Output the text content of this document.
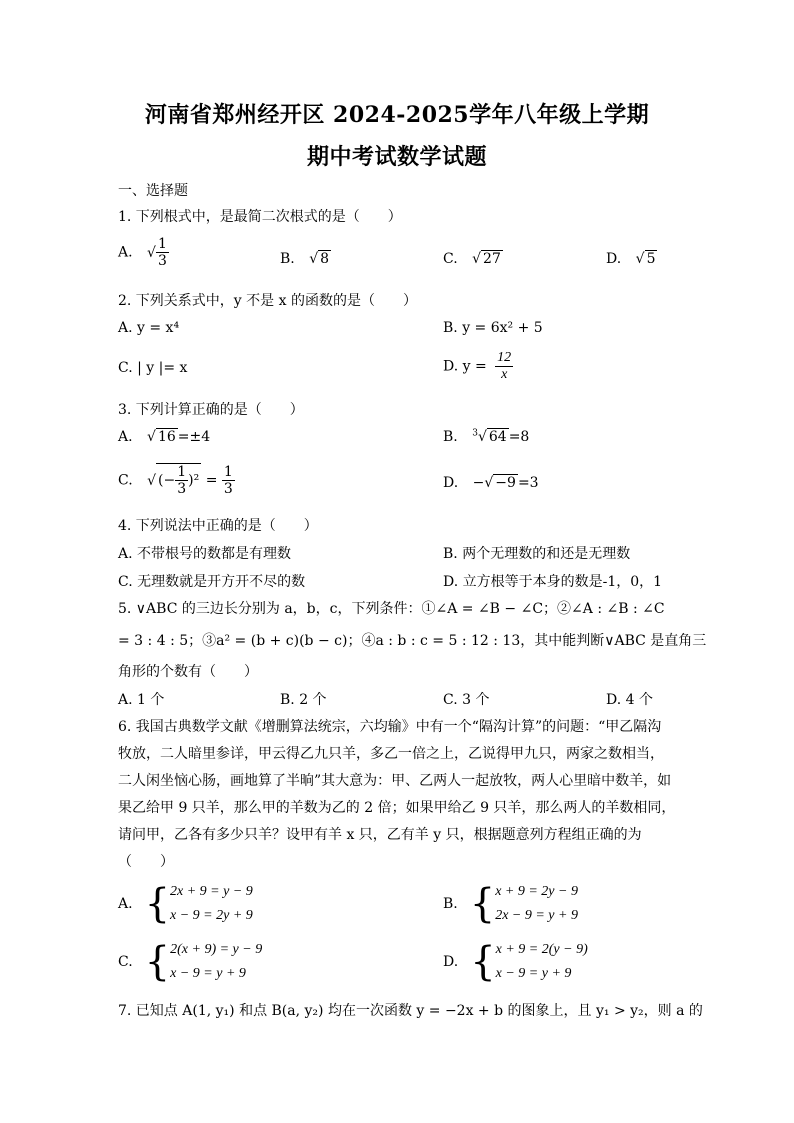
河南省郑州经开区 2024-2025学年八年级上学期
期中考试数学试题
一、选择题
1. 下列根式中，是最简二次根式的是（　　）
A. √ $\frac{1}{3}$	B. √ 8	C. √ 27	D. √ 5
2. 下列关系式中，y 不是 x 的函数的是（　　）
A. y = x⁴	B. y = 6x² + 5
C. | y |= x	D. $y = \frac{12}{x}$
3. 下列计算正确的是（　　）
A. √ 16 =±4	B. $^3$√ 64 =8
C. √ (− $\frac{1}{3} )^2 = \frac{1}{3}$	D. −√ −9 =3
4. 下列说法中正确的是（　　）
A. 不带根号的数都是有理数	B. 两个无理数的和还是无理数
C. 无理数就是开方开不尽的数	D. 立方根等于本身的数是-1，0，1
5. ∨ABC 的三边长分别为 a，b，c，下列条件：①∠A = ∠B − ∠C；②∠A : ∠B : ∠C
= 3 : 4 : 5；③a² = (b + c)(b − c)；④a : b : c = 5 : 12 : 13，其中能判断∨ABC 是直角三
角形的个数有（　　）
A. 1 个	B. 2 个	C. 3 个	D. 4 个
6. 我国古典数学文献《增删算法统宗，六均输》中有一个“隔沟计算”的问题：“甲乙隔沟
牧放，二人暗里参详，甲云得乙九只羊，多乙一倍之上，乙说得甲九只，两家之数相当，
二人闲坐恼心肠，画地算了半晌”其大意为：甲、乙两人一起放牧，两人心里暗中数羊，如
果乙给甲 9 只羊，那么甲的羊数为乙的 2 倍；如果甲给乙 9 只羊，那么两人的羊数相同，
请问甲，乙各有多少只羊？设甲有羊 x 只，乙有羊 y 只，根据题意列方程组正确的为
（　　）
A. { 2x + 9 = y − 9
x − 9 = 2y + 9
B. { x + 9 = 2y − 9
2x − 9 = y + 9
C. { 2(x + 9) = y − 9
x − 9 = y + 9
D. { x + 9 = 2(y − 9)
x − 9 = y + 9
7. 已知点 A(1, y₁) 和点 B(a, y₂) 均在一次函数 y = −2x + b 的图象上，且 y₁ > y₂，则 a 的
